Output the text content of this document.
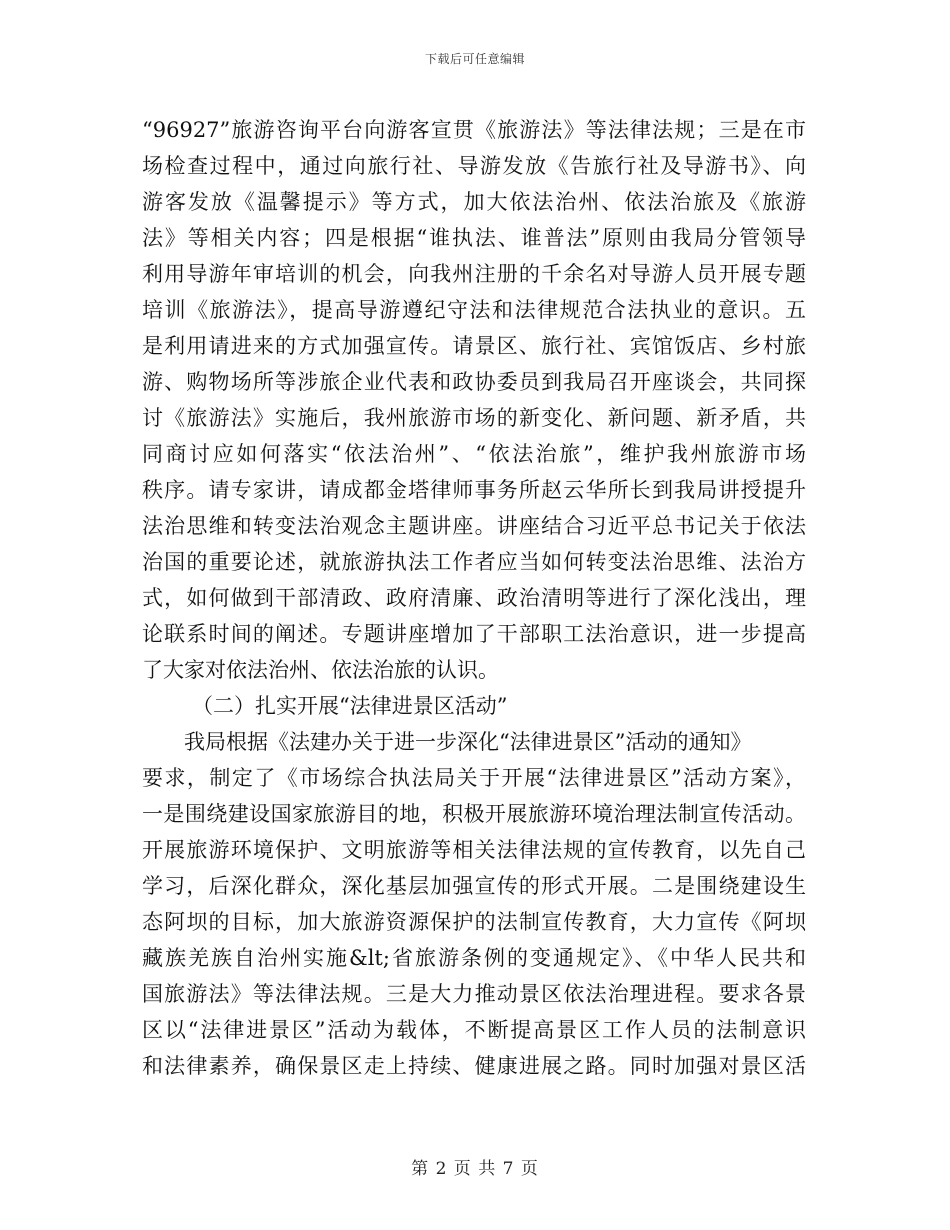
下载后可任意编辑
“96927”旅游咨询平台向游客宣贯《旅游法》等法律法规；三是在市
场检查过程中，通过向旅行社、导游发放《告旅行社及导游书》、向
游客发放《温馨提示》等方式，加大依法治州、依法治旅及《旅游
法》等相关内容；四是根据“谁执法、谁普法”原则由我局分管领导
利用导游年审培训的机会，向我州注册的千余名对导游人员开展专题
培训《旅游法》，提高导游遵纪守法和法律规范合法执业的意识。五
是利用请进来的方式加强宣传。请景区、旅行社、宾馆饭店、乡村旅
游、购物场所等涉旅企业代表和政协委员到我局召开座谈会，共同探
讨《旅游法》实施后，我州旅游市场的新变化、新问题、新矛盾，共
同商讨应如何落实“依法治州”、“依法治旅”，维护我州旅游市场
秩序。请专家讲，请成都金塔律师事务所赵云华所长到我局讲授提升
法治思维和转变法治观念主题讲座。讲座结合习近平总书记关于依法
治国的重要论述，就旅游执法工作者应当如何转变法治思维、法治方
式，如何做到干部清政、政府清廉、政治清明等进行了深化浅出，理
论联系时间的阐述。专题讲座增加了干部职工法治意识，进一步提高
了大家对依法治州、依法治旅的认识。
（二）扎实开展“法律进景区活动”
我局根据《法建办关于进一步深化“法律进景区”活动的通知》
要求，制定了《市场综合执法局关于开展“法律进景区”活动方案》，
一是围绕建设国家旅游目的地，积极开展旅游环境治理法制宣传活动。
开展旅游环境保护、文明旅游等相关法律法规的宣传教育，以先自己
学习，后深化群众，深化基层加强宣传的形式开展。二是围绕建设生
态阿坝的目标，加大旅游资源保护的法制宣传教育，大力宣传《阿坝
藏族羌族自治州实施&lt;省旅游条例的变通规定》、《中华人民共和
国旅游法》等法律法规。三是大力推动景区依法治理进程。要求各景
区以“法律进景区”活动为载体，不断提高景区工作人员的法制意识
和法律素养，确保景区走上持续、健康进展之路。同时加强对景区活
第 2 页 共 7 页
